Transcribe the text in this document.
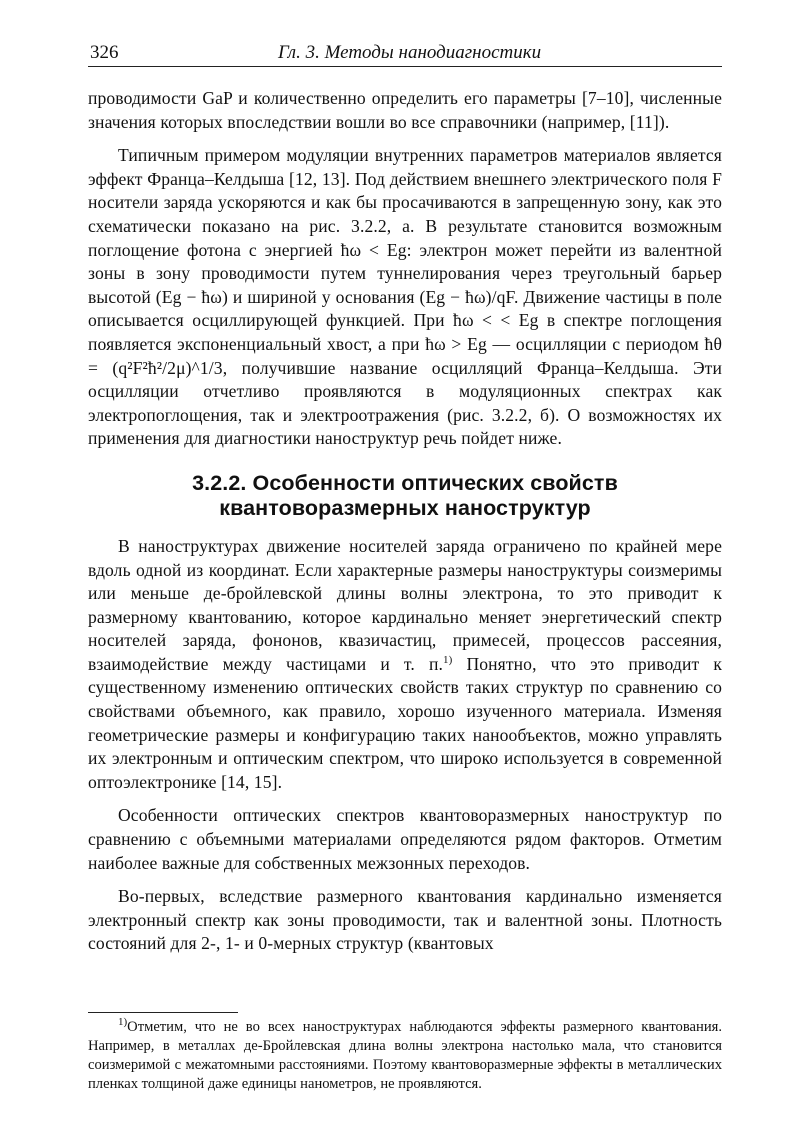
326	Гл. 3. Методы нанодиагностики

проводимости GaP и количественно определить его параметры [7–10], численные значения которых впоследствии вошли во все справочники (например, [11]).

Типичным примером модуляции внутренних параметров материалов является эффект Франца–Келдыша [12, 13]. Под действием внешнего электрического поля F носители заряда ускоряются и как бы просачиваются в запрещенную зону, как это схематически показано на рис. 3.2.2, а. В результате становится возможным поглощение фотона с энергией ħω < Eg: электрон может перейти из валентной зоны в зону проводимости путем туннелирования через треугольный барьер высотой (Eg − ħω) и шириной у основания (Eg − ħω)/qF. Движение частицы в поле описывается осциллирующей функцией. При ħω < < Eg в спектре поглощения появляется экспоненциальный хвост, а при ħω > Eg — осцилляции с периодом ħθ = (q²F²ħ²/2μ)^1/3, получившие название осцилляций Франца–Келдыша. Эти осцилляции отчетливо проявляются в модуляционных спектрах как электропоглощения, так и электроотражения (рис. 3.2.2, б). О возможностях их применения для диагностики наноструктур речь пойдет ниже.

3.2.2. Особенности оптических свойств квантоворазмерных наноструктур

В наноструктурах движение носителей заряда ограничено по крайней мере вдоль одной из координат. Если характерные размеры наноструктуры соизмеримы или меньше де-бройлевской длины волны электрона, то это приводит к размерному квантованию, которое кардинально меняет энергетический спектр носителей заряда, фононов, квазичастиц, примесей, процессов рассеяния, взаимодействие между частицами и т. п.$^{1)}$ Понятно, что это приводит к существенному изменению оптических свойств таких структур по сравнению со свойствами объемного, как правило, хорошо изученного материала. Изменяя геометрические размеры и конфигурацию таких нанообъектов, можно управлять их электронным и оптическим спектром, что широко используется в современной оптоэлектронике [14, 15].

Особенности оптических спектров квантоворазмерных наноструктур по сравнению с объемными материалами определяются рядом факторов. Отметим наиболее важные для собственных межзонных переходов.

Во-первых, вследствие размерного квантования кардинально изменяется электронный спектр как зоны проводимости, так и валентной зоны. Плотность состояний для 2-, 1- и 0-мерных структур (квантовых

$^{1)}$Отметим, что не во всех наноструктурах наблюдаются эффекты размерного квантования. Например, в металлах де-Бройлевская длина волны электрона настолько мала, что становится соизмеримой с межатомными расстояниями. Поэтому квантоворазмерные эффекты в металлических пленках толщиной даже единицы нанометров, не проявляются.
